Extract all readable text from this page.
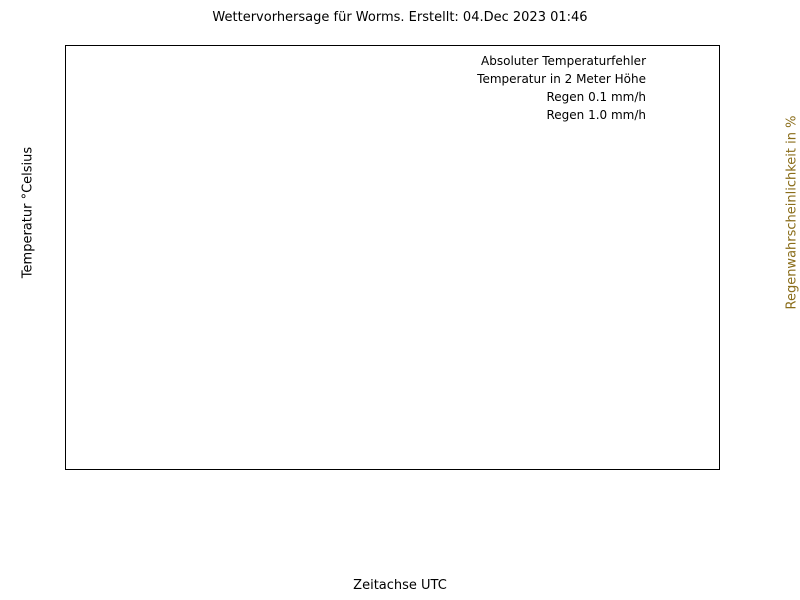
Wettervorhersage für Worms. Erstellt: 04.Dec 2023 01:46
Temperatur °Celsius	Regenwahrscheinlichkeit in %
Zeitachse UTC
Absoluter Temperaturfehler
Temperatur in 2 Meter Höhe
Regen 0.1 mm/h
Regen 1.0 mm/h
